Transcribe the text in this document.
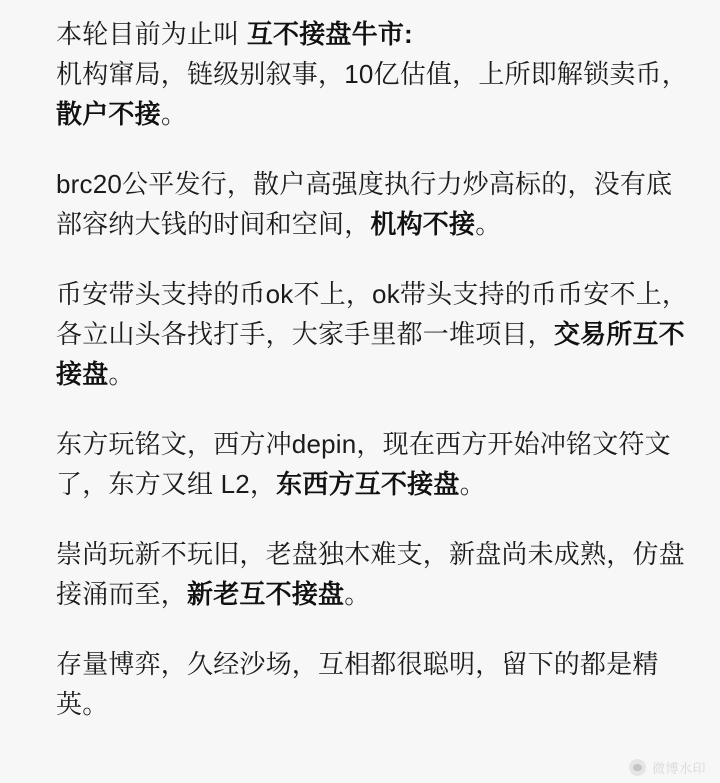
本轮目前为止叫 互不接盘牛市:
机构窜局，链级别叙事，10亿估值，上所即解锁卖币，散户不接。

brc20公平发行，散户高强度执行力炒高标的，没有底部容纳大钱的时间和空间，机构不接。

币安带头支持的币ok不上，ok带头支持的币币安不上，各立山头各找打手，大家手里都一堆项目，交易所互不接盘。

东方玩铭文，西方冲depin，现在西方开始冲铭文符文了，东方又组 L2，东西方互不接盘。

崇尚玩新不玩旧，老盘独木难支，新盘尚未成熟，仿盘接涌而至，新老互不接盘。

存量博弈，久经沙场，互相都很聪明，留下的都是精英。

微博水印
